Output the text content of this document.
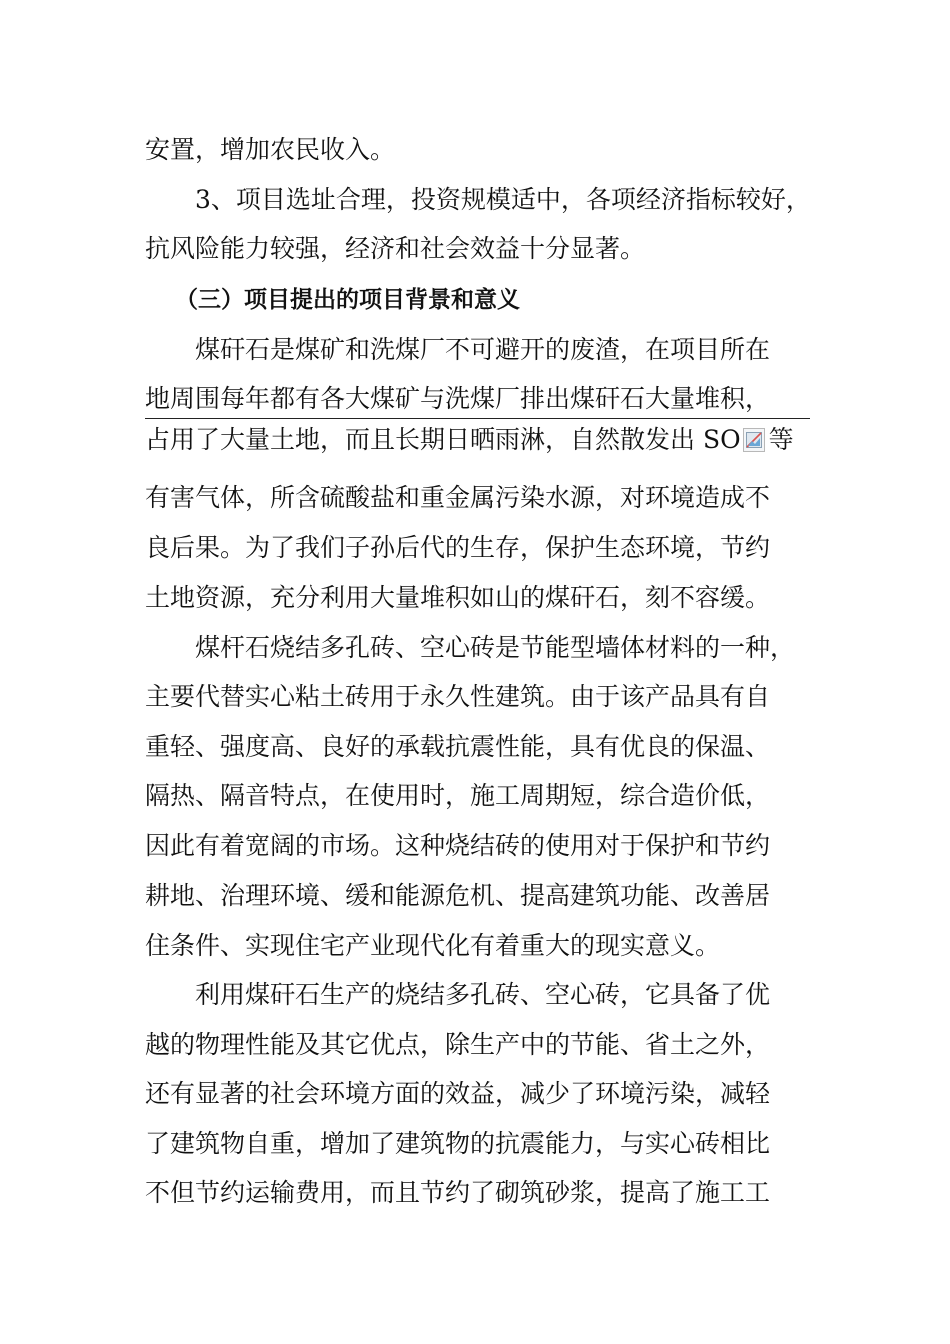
安置，增加农民收入。
3、项目选址合理，投资规模适中，各项经济指标较好，
抗风险能力较强，经济和社会效益十分显著。
（三）项目提出的项目背景和意义
煤矸石是煤矿和洗煤厂不可避开的废渣，在项目所在
地周围每年都有各大煤矿与洗煤厂排出煤矸石大量堆积，
占用了大量土地，而且长期日晒雨淋，自然散发出 SO 等
有害气体，所含硫酸盐和重金属污染水源，对环境造成不
良后果。为了我们子孙后代的生存，保护生态环境，节约
土地资源，充分利用大量堆积如山的煤矸石，刻不容缓。
煤杆石烧结多孔砖、空心砖是节能型墙体材料的一种，
主要代替实心粘土砖用于永久性建筑。由于该产品具有自
重轻、强度高、良好的承载抗震性能，具有优良的保温、
隔热、隔音特点，在使用时，施工周期短，综合造价低，
因此有着宽阔的市场。这种烧结砖的使用对于保护和节约
耕地、治理环境、缓和能源危机、提高建筑功能、改善居
住条件、实现住宅产业现代化有着重大的现实意义。
利用煤矸石生产的烧结多孔砖、空心砖，它具备了优
越的物理性能及其它优点，除生产中的节能、省土之外，
还有显著的社会环境方面的效益，减少了环境污染，减轻
了建筑物自重，增加了建筑物的抗震能力，与实心砖相比
不但节约运输费用，而且节约了砌筑砂浆，提高了施工工
